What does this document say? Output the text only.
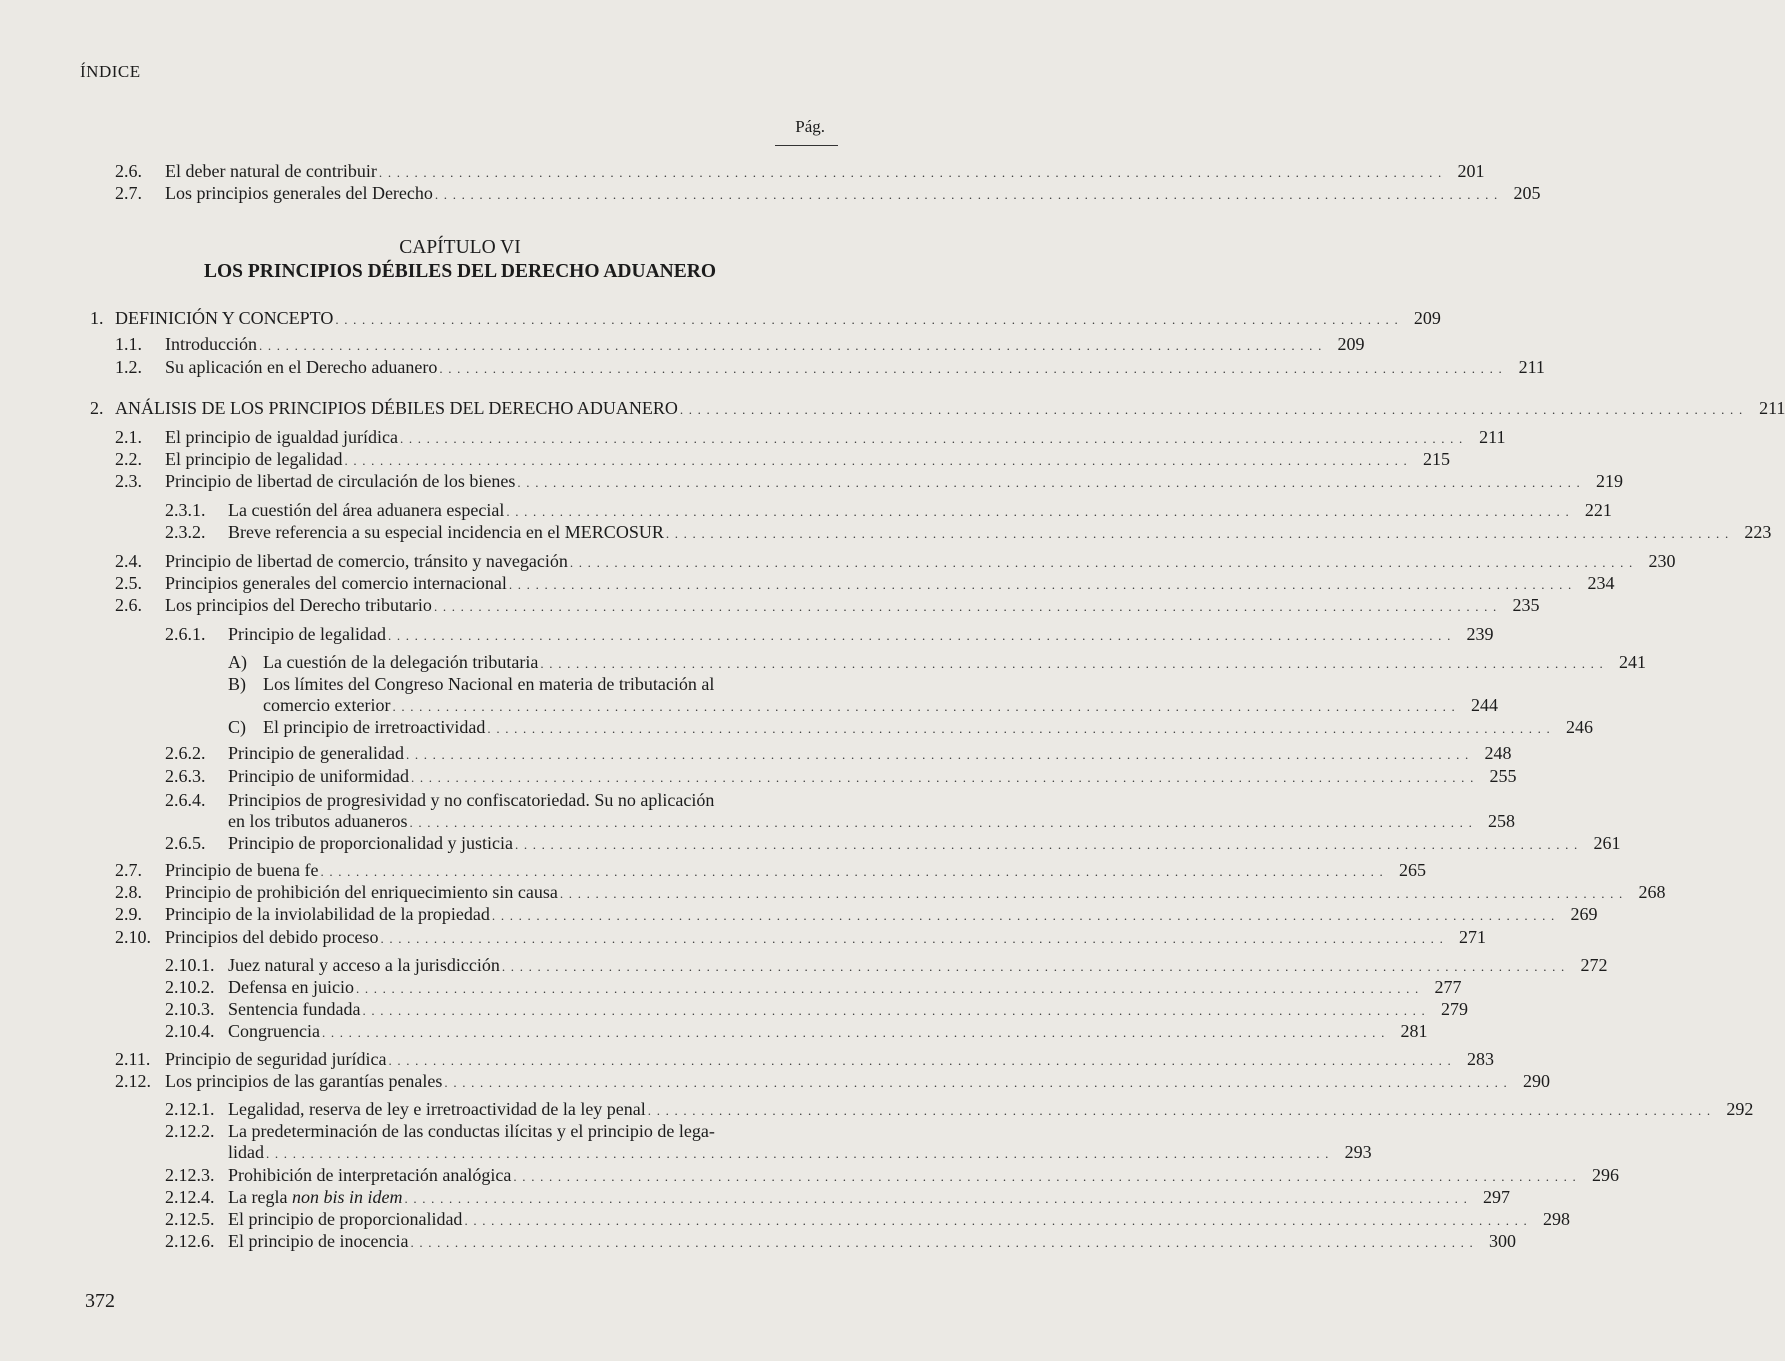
ÍNDICE
Pág.
CAPÍTULO VI
LOS PRINCIPIOS DÉBILES DEL DERECHO ADUANERO
2.6.	El deber natural de contribuir . . . . . . . . . . . . . . . . . . . . . . . . . . . . . . . . . . . . . . . . . . . . . . . . . . . . . . . . . . . . . . . . . . . . . . . . . . . . . . . . . . . . . . . . . . . . . . . . . . . . . . . . . . . . . . . . . . . . . . . . 201
2.7.	Los principios generales del Derecho . . . . . . . . . . . . . . . . . . . . . . . . . . . . . . . . . . . . . . . . . . . . . . . . . . . . . . . . . . . . . . . . . . . . . . . . . . . . . . . . . . . . . . . . . . . . . . . . . . . . . . . . . . . . . . . . . . . . . . . . 205
1. DEFINICIÓN Y CONCEPTO . . . . . . . . . . . . . . . . . . . . . . . . . . . . . . . . . . . . . . . . . . . . . . . . . . . . . . . . . . . . . . . . . . . . . . . . . . . . . . . . . . . . . . . . . . . . . . . . . . . . . . . . . . . . . . . . . . . . . . . . 209
1.1.	Introducción . . . . . . . . . . . . . . . . . . . . . . . . . . . . . . . . . . . . . . . . . . . . . . . . . . . . . . . . . . . . . . . . . . . . . . . . . . . . . . . . . . . . . . . . . . . . . . . . . . . . . . . . . . . . . . . . . . . . . . . . 209
1.2.	Su aplicación en el Derecho aduanero . . . . . . . . . . . . . . . . . . . . . . . . . . . . . . . . . . . . . . . . . . . . . . . . . . . . . . . . . . . . . . . . . . . . . . . . . . . . . . . . . . . . . . . . . . . . . . . . . . . . . . . . . . . . . . . . . . . . . . . . 211
2. ANÁLISIS DE LOS PRINCIPIOS DÉBILES DEL DERECHO ADUANERO . . . . . . . . . . . . . . . . . . . . . . . . . . . . . . . . . . . . . . . . . . . . . . . . . . . . . . . . . . . . . . . . . . . . . . . . . . . . . . . . . . . . . . . . . . . . . . . . . . . . . . . . . . . . . . . . . . . . . . . . 211
2.1.	El principio de igualdad jurídica . . . . . . . . . . . . . . . . . . . . . . . . . . . . . . . . . . . . . . . . . . . . . . . . . . . . . . . . . . . . . . . . . . . . . . . . . . . . . . . . . . . . . . . . . . . . . . . . . . . . . . . . . . . . . . . . . . . . . . . . 211
2.2.	El principio de legalidad . . . . . . . . . . . . . . . . . . . . . . . . . . . . . . . . . . . . . . . . . . . . . . . . . . . . . . . . . . . . . . . . . . . . . . . . . . . . . . . . . . . . . . . . . . . . . . . . . . . . . . . . . . . . . . . . . . . . . . . . 215
2.3.	Principio de libertad de circulación de los bienes . . . . . . . . . . . . . . . . . . . . . . . . . . . . . . . . . . . . . . . . . . . . . . . . . . . . . . . . . . . . . . . . . . . . . . . . . . . . . . . . . . . . . . . . . . . . . . . . . . . . . . . . . . . . . . . . . . . . . . . . 219
2.3.1.	La cuestión del área aduanera especial . . . . . . . . . . . . . . . . . . . . . . . . . . . . . . . . . . . . . . . . . . . . . . . . . . . . . . . . . . . . . . . . . . . . . . . . . . . . . . . . . . . . . . . . . . . . . . . . . . . . . . . . . . . . . . . . . . . . . . . . 221
2.3.2.	Breve referencia a su especial incidencia en el MERCOSUR . . . . . . . . . . . . . . . . . . . . . . . . . . . . . . . . . . . . . . . . . . . . . . . . . . . . . . . . . . . . . . . . . . . . . . . . . . . . . . . . . . . . . . . . . . . . . . . . . . . . . . . . . . . . . . . . . . . . . . . . 223
2.4.	Principio de libertad de comercio, tránsito y navegación . . . . . . . . . . . . . . . . . . . . . . . . . . . . . . . . . . . . . . . . . . . . . . . . . . . . . . . . . . . . . . . . . . . . . . . . . . . . . . . . . . . . . . . . . . . . . . . . . . . . . . . . . . . . . . . . . . . . . . . . 230
2.5.	Principios generales del comercio internacional . . . . . . . . . . . . . . . . . . . . . . . . . . . . . . . . . . . . . . . . . . . . . . . . . . . . . . . . . . . . . . . . . . . . . . . . . . . . . . . . . . . . . . . . . . . . . . . . . . . . . . . . . . . . . . . . . . . . . . . . 234
2.6.	Los principios del Derecho tributario . . . . . . . . . . . . . . . . . . . . . . . . . . . . . . . . . . . . . . . . . . . . . . . . . . . . . . . . . . . . . . . . . . . . . . . . . . . . . . . . . . . . . . . . . . . . . . . . . . . . . . . . . . . . . . . . . . . . . . . . 235
2.6.1.	Principio de legalidad . . . . . . . . . . . . . . . . . . . . . . . . . . . . . . . . . . . . . . . . . . . . . . . . . . . . . . . . . . . . . . . . . . . . . . . . . . . . . . . . . . . . . . . . . . . . . . . . . . . . . . . . . . . . . . . . . . . . . . . . 239
A) La cuestión de la delegación tributaria . . . . . . . . . . . . . . . . . . . . . . . . . . . . . . . . . . . . . . . . . . . . . . . . . . . . . . . . . . . . . . . . . . . . . . . . . . . . . . . . . . . . . . . . . . . . . . . . . . . . . . . . . . . . . . . . . . . . . . . . 241
B) Los límites del Congreso Nacional en materia de tributación al
comercio exterior . . . . . . . . . . . . . . . . . . . . . . . . . . . . . . . . . . . . . . . . . . . . . . . . . . . . . . . . . . . . . . . . . . . . . . . . . . . . . . . . . . . . . . . . . . . . . . . . . . . . . . . . . . . . . . . . . . . . . . . . 244
C) El principio de irretroactividad . . . . . . . . . . . . . . . . . . . . . . . . . . . . . . . . . . . . . . . . . . . . . . . . . . . . . . . . . . . . . . . . . . . . . . . . . . . . . . . . . . . . . . . . . . . . . . . . . . . . . . . . . . . . . . . . . . . . . . . . 246
2.6.2.	Principio de generalidad . . . . . . . . . . . . . . . . . . . . . . . . . . . . . . . . . . . . . . . . . . . . . . . . . . . . . . . . . . . . . . . . . . . . . . . . . . . . . . . . . . . . . . . . . . . . . . . . . . . . . . . . . . . . . . . . . . . . . . . . 248
2.6.3.	Principio de uniformidad . . . . . . . . . . . . . . . . . . . . . . . . . . . . . . . . . . . . . . . . . . . . . . . . . . . . . . . . . . . . . . . . . . . . . . . . . . . . . . . . . . . . . . . . . . . . . . . . . . . . . . . . . . . . . . . . . . . . . . . . 255
2.6.4. Principios de progresividad y no confiscatoriedad. Su no aplicación
en los tributos aduaneros . . . . . . . . . . . . . . . . . . . . . . . . . . . . . . . . . . . . . . . . . . . . . . . . . . . . . . . . . . . . . . . . . . . . . . . . . . . . . . . . . . . . . . . . . . . . . . . . . . . . . . . . . . . . . . . . . . . . . . . . 258
2.6.5.	Principio de proporcionalidad y justicia . . . . . . . . . . . . . . . . . . . . . . . . . . . . . . . . . . . . . . . . . . . . . . . . . . . . . . . . . . . . . . . . . . . . . . . . . . . . . . . . . . . . . . . . . . . . . . . . . . . . . . . . . . . . . . . . . . . . . . . . 261
2.7.	Principio de buena fe . . . . . . . . . . . . . . . . . . . . . . . . . . . . . . . . . . . . . . . . . . . . . . . . . . . . . . . . . . . . . . . . . . . . . . . . . . . . . . . . . . . . . . . . . . . . . . . . . . . . . . . . . . . . . . . . . . . . . . . . 265
2.8.	Principio de prohibición del enriquecimiento sin causa . . . . . . . . . . . . . . . . . . . . . . . . . . . . . . . . . . . . . . . . . . . . . . . . . . . . . . . . . . . . . . . . . . . . . . . . . . . . . . . . . . . . . . . . . . . . . . . . . . . . . . . . . . . . . . . . . . . . . . . . 268
2.9.	Principio de la inviolabilidad de la propiedad . . . . . . . . . . . . . . . . . . . . . . . . . . . . . . . . . . . . . . . . . . . . . . . . . . . . . . . . . . . . . . . . . . . . . . . . . . . . . . . . . . . . . . . . . . . . . . . . . . . . . . . . . . . . . . . . . . . . . . . . 269
2.10. Principios del debido proceso . . . . . . . . . . . . . . . . . . . . . . . . . . . . . . . . . . . . . . . . . . . . . . . . . . . . . . . . . . . . . . . . . . . . . . . . . . . . . . . . . . . . . . . . . . . . . . . . . . . . . . . . . . . . . . . . . . . . . . . . 271
2.10.1. Juez natural y acceso a la jurisdicción . . . . . . . . . . . . . . . . . . . . . . . . . . . . . . . . . . . . . . . . . . . . . . . . . . . . . . . . . . . . . . . . . . . . . . . . . . . . . . . . . . . . . . . . . . . . . . . . . . . . . . . . . . . . . . . . . . . . . . . . 272
2.10.2. Defensa en juicio . . . . . . . . . . . . . . . . . . . . . . . . . . . . . . . . . . . . . . . . . . . . . . . . . . . . . . . . . . . . . . . . . . . . . . . . . . . . . . . . . . . . . . . . . . . . . . . . . . . . . . . . . . . . . . . . . . . . . . . . 277
2.10.3. Sentencia fundada . . . . . . . . . . . . . . . . . . . . . . . . . . . . . . . . . . . . . . . . . . . . . . . . . . . . . . . . . . . . . . . . . . . . . . . . . . . . . . . . . . . . . . . . . . . . . . . . . . . . . . . . . . . . . . . . . . . . . . . . 279
2.10.4. Congruencia . . . . . . . . . . . . . . . . . . . . . . . . . . . . . . . . . . . . . . . . . . . . . . . . . . . . . . . . . . . . . . . . . . . . . . . . . . . . . . . . . . . . . . . . . . . . . . . . . . . . . . . . . . . . . . . . . . . . . . . . 281
2.11. Principio de seguridad jurídica . . . . . . . . . . . . . . . . . . . . . . . . . . . . . . . . . . . . . . . . . . . . . . . . . . . . . . . . . . . . . . . . . . . . . . . . . . . . . . . . . . . . . . . . . . . . . . . . . . . . . . . . . . . . . . . . . . . . . . . . 283
2.12. Los principios de las garantías penales . . . . . . . . . . . . . . . . . . . . . . . . . . . . . . . . . . . . . . . . . . . . . . . . . . . . . . . . . . . . . . . . . . . . . . . . . . . . . . . . . . . . . . . . . . . . . . . . . . . . . . . . . . . . . . . . . . . . . . . . 290
2.12.1. Legalidad, reserva de ley e irretroactividad de la ley penal . . . . . . . . . . . . . . . . . . . . . . . . . . . . . . . . . . . . . . . . . . . . . . . . . . . . . . . . . . . . . . . . . . . . . . . . . . . . . . . . . . . . . . . . . . . . . . . . . . . . . . . . . . . . . . . . . . . . . . . . 292
2.12.2. La predeterminación de las conductas ilícitas y el principio de lega-
lidad . . . . . . . . . . . . . . . . . . . . . . . . . . . . . . . . . . . . . . . . . . . . . . . . . . . . . . . . . . . . . . . . . . . . . . . . . . . . . . . . . . . . . . . . . . . . . . . . . . . . . . . . . . . . . . . . . . . . . . . . 293
2.12.3. Prohibición de interpretación analógica . . . . . . . . . . . . . . . . . . . . . . . . . . . . . . . . . . . . . . . . . . . . . . . . . . . . . . . . . . . . . . . . . . . . . . . . . . . . . . . . . . . . . . . . . . . . . . . . . . . . . . . . . . . . . . . . . . . . . . . . 296
2.12.4. La regla non bis in idem . . . . . . . . . . . . . . . . . . . . . . . . . . . . . . . . . . . . . . . . . . . . . . . . . . . . . . . . . . . . . . . . . . . . . . . . . . . . . . . . . . . . . . . . . . . . . . . . . . . . . . . . . . . . . . . . . . . . . . . . 297
2.12.5. El principio de proporcionalidad . . . . . . . . . . . . . . . . . . . . . . . . . . . . . . . . . . . . . . . . . . . . . . . . . . . . . . . . . . . . . . . . . . . . . . . . . . . . . . . . . . . . . . . . . . . . . . . . . . . . . . . . . . . . . . . . . . . . . . . . 298
2.12.6. El principio de inocencia . . . . . . . . . . . . . . . . . . . . . . . . . . . . . . . . . . . . . . . . . . . . . . . . . . . . . . . . . . . . . . . . . . . . . . . . . . . . . . . . . . . . . . . . . . . . . . . . . . . . . . . . . . . . . . . . . . . . . . . . 300
372
